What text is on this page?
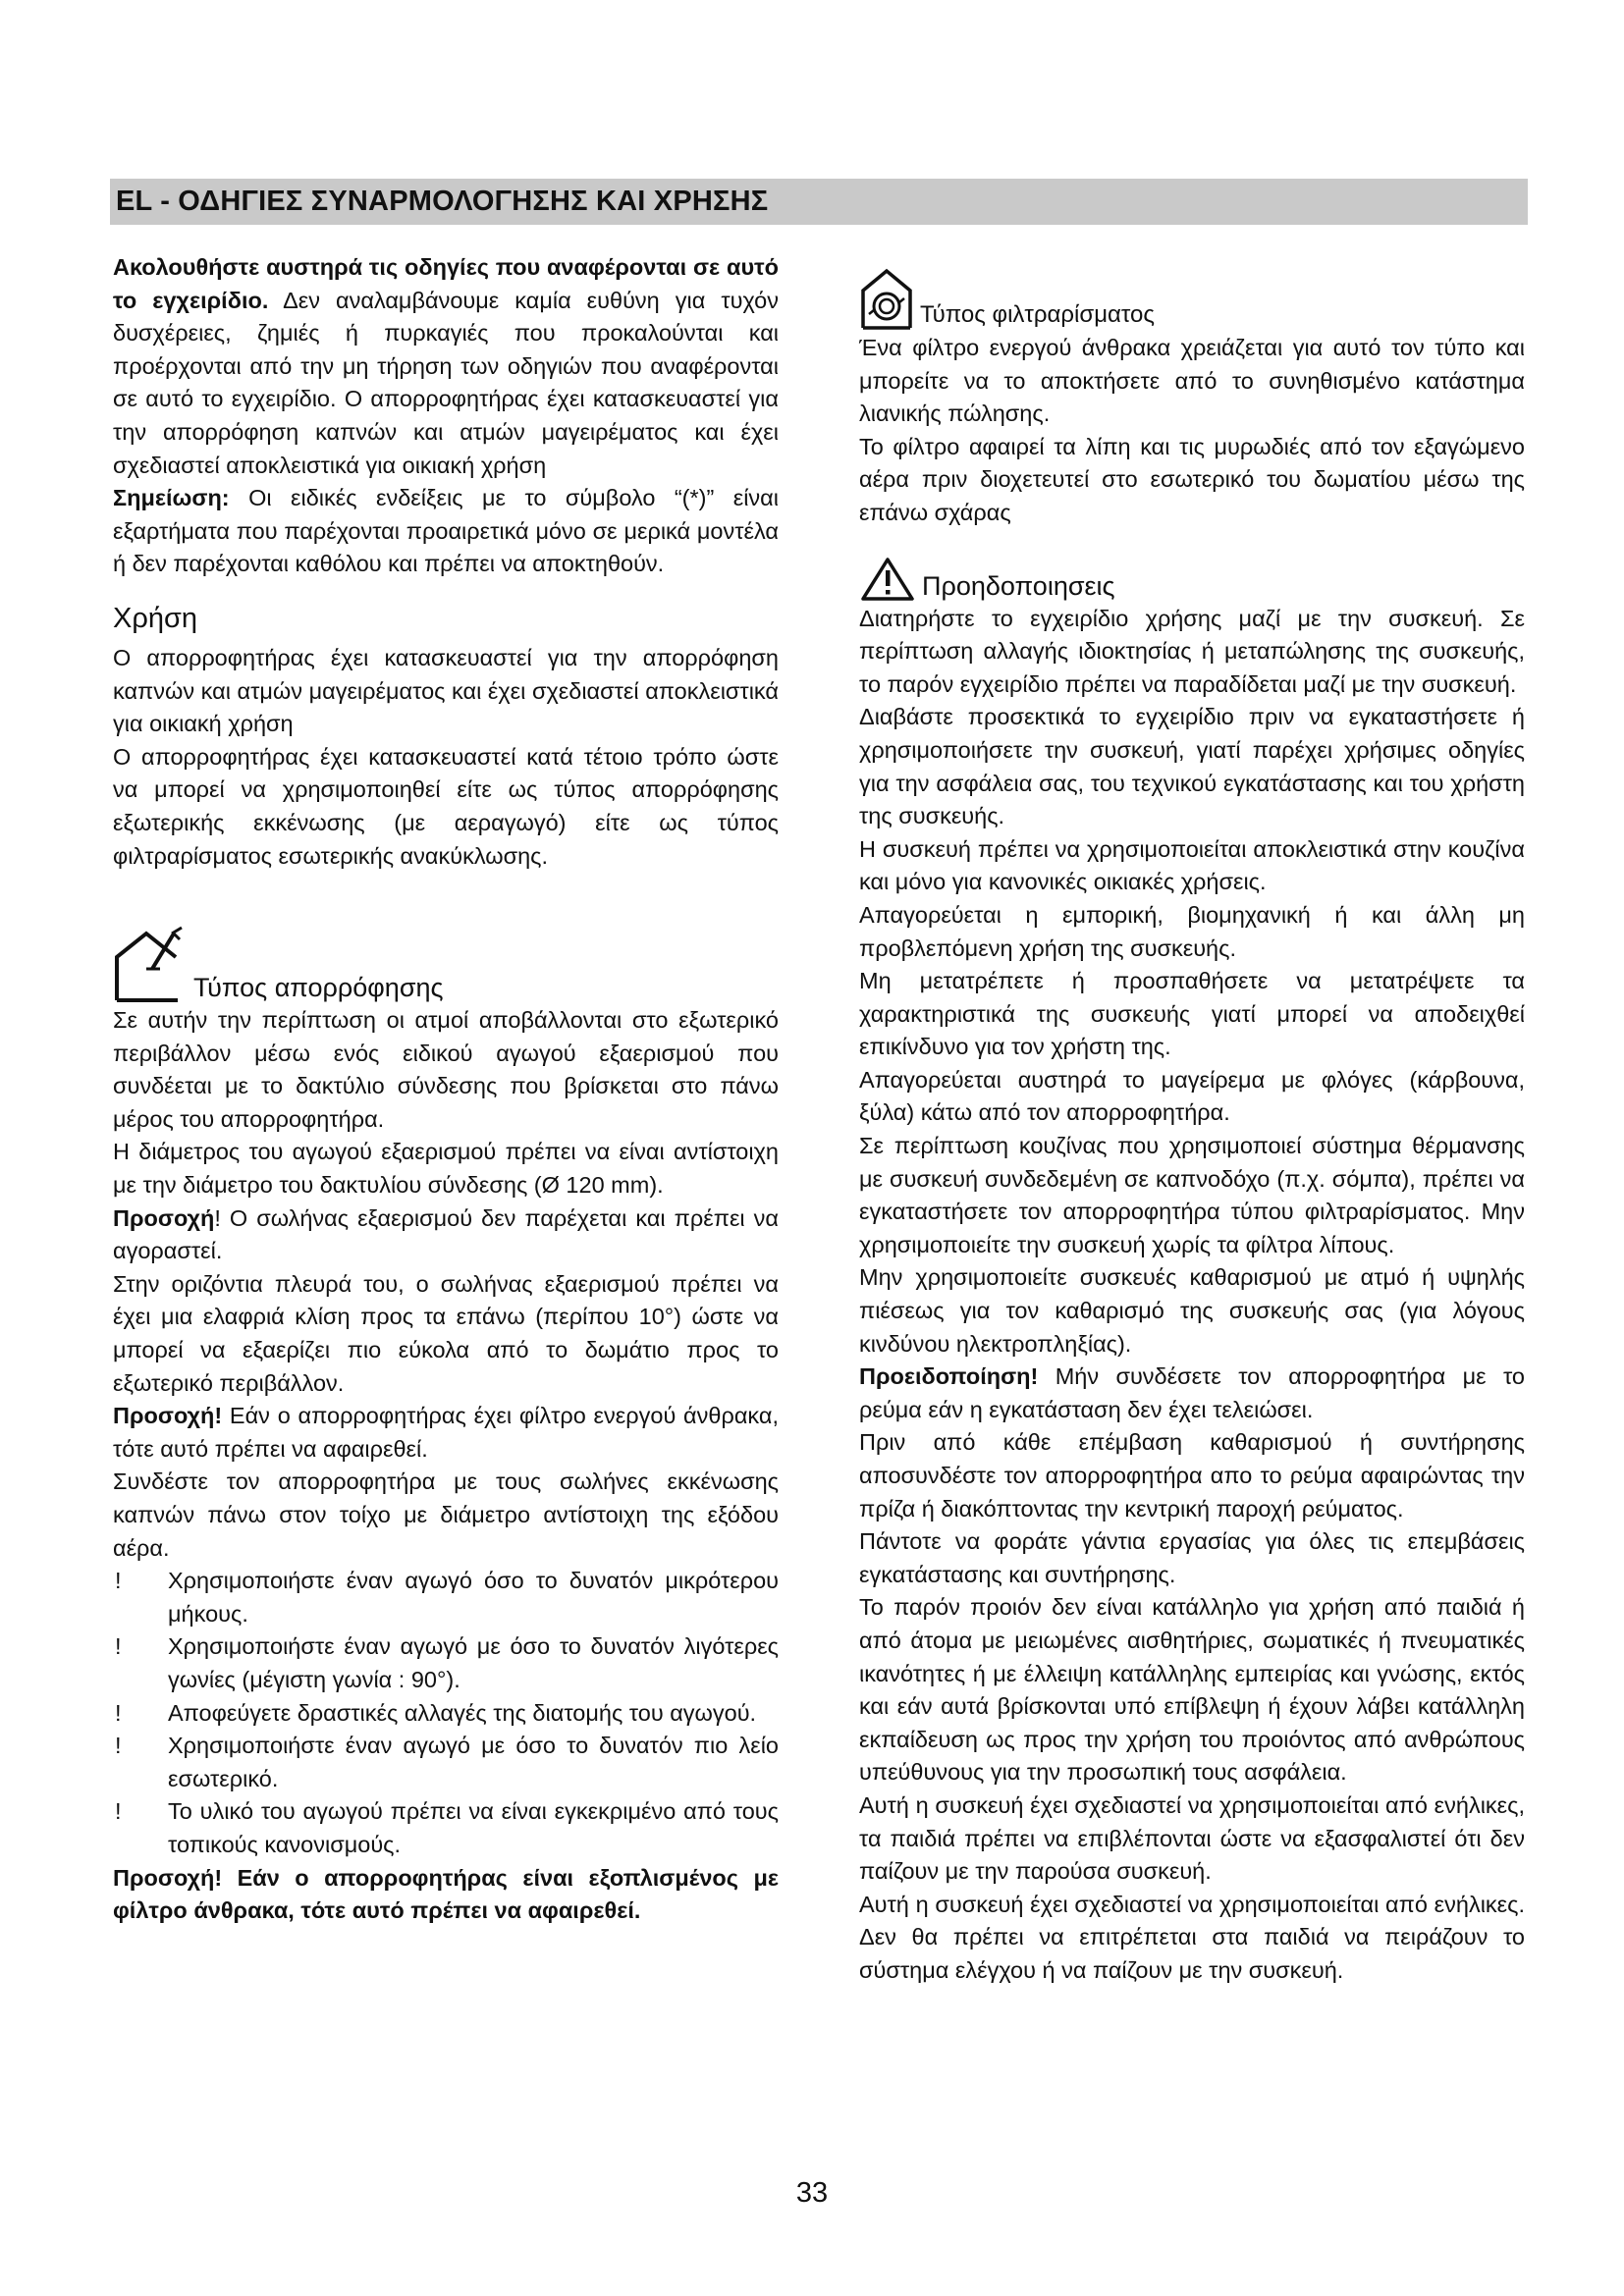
EL - ΟΔΗΓΙΕΣ ΣΥΝΑΡΜΟΛΟΓΗΣΗΣ ΚΑΙ ΧΡΗΣΗΣ

Ακολουθήστε αυστηρά τις οδηγίες που αναφέρονται σε αυτό το εγχειρίδιο. Δεν αναλαμβάνουμε καμία ευθύνη για τυχόν δυσχέρειες, ζημιές ή πυρκαγιές που προκαλούνται και προέρχονται από την μη τήρηση των οδηγιών που αναφέρονται σε αυτό το εγχειρίδιο. Ο απορροφητήρας έχει κατασκευαστεί για την απορρόφηση καπνών και ατμών μαγειρέματος και έχει σχεδιαστεί αποκλειστικά για οικιακή χρήση

Σημείωση: Οι ειδικές ενδείξεις με το σύμβολο “(*)” είναι εξαρτήματα που παρέχονται προαιρετικά μόνο σε μερικά μοντέλα ή δεν παρέχονται καθόλου και πρέπει να αποκτηθούν.

Χρήση

Ο απορροφητήρας έχει κατασκευαστεί για την απορρόφηση καπνών και ατμών μαγειρέματος και έχει σχεδιαστεί αποκλειστικά για οικιακή χρήση

Ο απορροφητήρας έχει κατασκευαστεί κατά τέτοιο τρόπο ώστε να μπορεί να χρησιμοποιηθεί είτε ως τύπος απορρόφησης εξωτερικής εκκένωσης (με αεραγωγό) είτε ως τύπος φιλτραρίσματος εσωτερικής ανακύκλωσης.

Τύπος απορρόφησης

Σε αυτήν την περίπτωση οι ατμοί αποβάλλονται στο εξωτερικό περιβάλλον μέσω ενός ειδικού αγωγού εξαερισμού που συνδέεται με το δακτύλιο σύνδεσης που βρίσκεται στο πάνω μέρος του απορροφητήρα.

Η διάμετρος του αγωγού εξαερισμού πρέπει να είναι αντίστοιχη με την διάμετρο του δακτυλίου σύνδεσης (Ø 120 mm).

Προσοχή! Ο σωλήνας εξαερισμού δεν παρέχεται και πρέπει να αγοραστεί.

Στην οριζόντια πλευρά του, ο σωλήνας εξαερισμού πρέπει να έχει μια ελαφριά κλίση προς τα επάνω (περίπου 10°) ώστε να μπορεί να εξαερίζει πιο εύκολα από το δωμάτιο προς το εξωτερικό περιβάλλον.

Προσοχή! Εάν ο απορροφητήρας έχει φίλτρο ενεργού άνθρακα, τότε αυτό πρέπει να αφαιρεθεί.

Συνδέστε τον απορροφητήρα με τους σωλήνες εκκένωσης καπνών πάνω στον τοίχο με διάμετρο αντίστοιχη της εξόδου αέρα.

!	Χρησιμοποιήστε έναν αγωγό όσο το δυνατόν μικρότερου μήκους.
!	Χρησιμοποιήστε έναν αγωγό με όσο το δυνατόν λιγότερες γωνίες (μέγιστη γωνία : 90°).
!	Αποφεύγετε δραστικές αλλαγές της διατομής του αγωγού.
!	Χρησιμοποιήστε έναν αγωγό με όσο το δυνατόν πιο λείο εσωτερικό.
!	Το υλικό του αγωγού πρέπει να είναι εγκεκριμένο από τους τοπικούς κανονισμούς.

Προσοχή! Εάν ο απορροφητήρας είναι εξοπλισμένος με φίλτρο άνθρακα, τότε αυτό πρέπει να αφαιρεθεί.

Τύπος φιλτραρίσματος

Ένα φίλτρο ενεργού άνθρακα χρειάζεται για αυτό τον τύπο και μπορείτε να το αποκτήσετε από το συνηθισμένο κατάστημα λιανικής πώλησης.

Το φίλτρο αφαιρεί τα λίπη και τις μυρωδιές από τον εξαγώμενο αέρα πριν διοχετευτεί στο εσωτερικό του δωματίου μέσω της επάνω σχάρας

Προηδοποιησεις

Διατηρήστε το εγχειρίδιο χρήσης μαζί με την συσκευή. Σε περίπτωση αλλαγής ιδιοκτησίας ή μεταπώλησης της συσκευής, το παρόν εγχειρίδιο πρέπει να παραδίδεται μαζί με την συσκευή.

Διαβάστε προσεκτικά το εγχειρίδιο πριν να εγκαταστήσετε ή χρησιμοποιήσετε την συσκευή, γιατί παρέχει χρήσιμες οδηγίες για την ασφάλεια σας, του τεχνικού εγκατάστασης και του χρήστη της συσκευής.

Η συσκευή πρέπει να χρησιμοποιείται αποκλειστικά στην κουζίνα και μόνο για κανονικές οικιακές χρήσεις.

Απαγορεύεται η εμπορική, βιομηχανική ή και άλλη μη προβλεπόμενη χρήση της συσκευής.

Μη μετατρέπετε ή προσπαθήσετε να μετατρέψετε τα χαρακτηριστικά της συσκευής γιατί μπορεί να αποδειχθεί επικίνδυνο για τον χρήστη της.

Απαγορεύεται αυστηρά το μαγείρεμα με φλόγες (κάρβουνα, ξύλα) κάτω από τον απορροφητήρα.

Σε περίπτωση κουζίνας που χρησιμοποιεί σύστημα θέρμανσης με συσκευή συνδεδεμένη σε καπνοδόχο (π.χ. σόμπα), πρέπει να εγκαταστήσετε τον απορροφητήρα τύπου φιλτραρίσματος. Μην χρησιμοποιείτε την συσκευή χωρίς τα φίλτρα λίπους.

Μην χρησιμοποιείτε συσκευές καθαρισμού με ατμό ή υψηλής πιέσεως για τον καθαρισμό της συσκευής σας (για λόγους κινδύνου ηλεκτροπληξίας).

Προειδοποίηση! Μήν συνδέσετε τον απορροφητήρα με το ρεύμα εάν η εγκατάσταση δεν έχει τελειώσει.

Πριν από κάθε επέμβαση καθαρισμού ή συντήρησης αποσυνδέστε τον απορροφητήρα απο το ρεύμα αφαιρώντας την πρίζα ή διακόπτοντας την κεντρική παροχή ρεύματος.

Πάντοτε να φοράτε γάντια εργασίας για όλες τις επεμβάσεις εγκατάστασης και συντήρησης.

Το παρόν προιόν δεν είναι κατάλληλο για χρήση από παιδιά ή από άτομα με μειωμένες αισθητήριες, σωματικές ή πνευματικές ικανότητες ή με έλλειψη κατάλληλης εμπειρίας και γνώσης, εκτός και εάν αυτά βρίσκονται υπό επίβλεψη ή έχουν λάβει κατάλληλη εκπαίδευση ως προς την χρήση του προιόντος από ανθρώπους υπεύθυνους για την προσωπική τους ασφάλεια.

Αυτή η συσκευή έχει σχεδιαστεί να χρησιμοποιείται από ενήλικες, τα παιδιά πρέπει να επιβλέπονται ώστε να εξασφαλιστεί ότι δεν παίζουν με την παρούσα συσκευή.

Αυτή η συσκευή έχει σχεδιαστεί να χρησιμοποιείται από ενήλικες. Δεν θα πρέπει να επιτρέπεται στα παιδιά να πειράζουν το σύστημα ελέγχου ή να παίζουν με την συσκευή.

33
